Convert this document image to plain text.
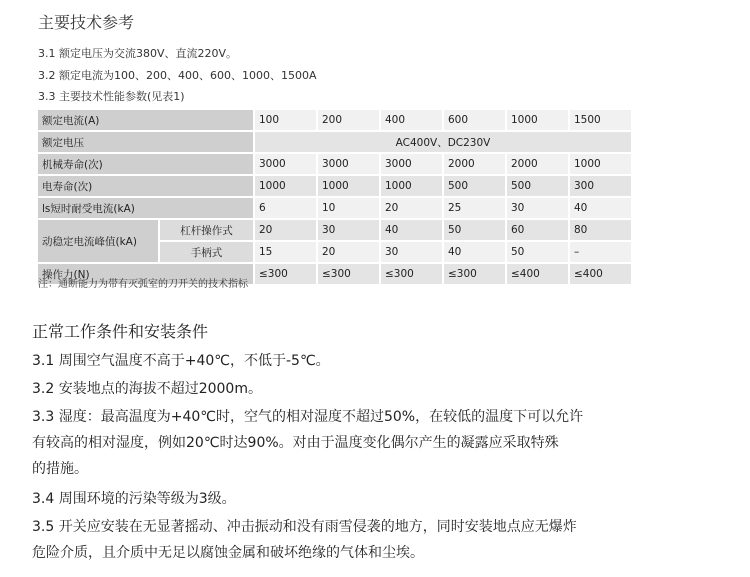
主要技术参考
3.1 额定电压为交流380V、直流220V。
3.2 额定电流为100、200、400、600、1000、1500A
3.3 主要技术性能参数(见表1)
额定电流(A)		100	200	400	600	1000	1500
额定电压		AC400V、DC230V					
机械寿命(次)		3000	3000	3000	2000	2000	1000
电寿命(次)		1000	1000	1000	500	500	300
ls短时耐受电流(kA)		6	10	20	25	30	40
动稳定电流峰值(kA)	杠杆操作式	20	30	40	50	60	80
	手柄式	15	20	30	40	50	–
操作力(N)		≤300	≤300	≤300	≤300	≤400	≤400
注：通断能力为带有灭弧室的刀开关的技术指标
正常工作条件和安装条件
3.1 周围空气温度不高于+40℃，不低于-5℃。
3.2 安装地点的海拔不超过2000m。
3.3 湿度：最高温度为+40℃时，空气的相对湿度不超过50%，在较低的温度下可以允许
有较高的相对湿度，例如20℃时达90%。对由于温度变化偶尔产生的凝露应采取特殊
的措施。
3.4 周围环境的污染等级为3级。
3.5 开关应安装在无显著摇动、冲击振动和没有雨雪侵袭的地方，同时安装地点应无爆炸
危险介质，且介质中无足以腐蚀金属和破坏绝缘的气体和尘埃。
